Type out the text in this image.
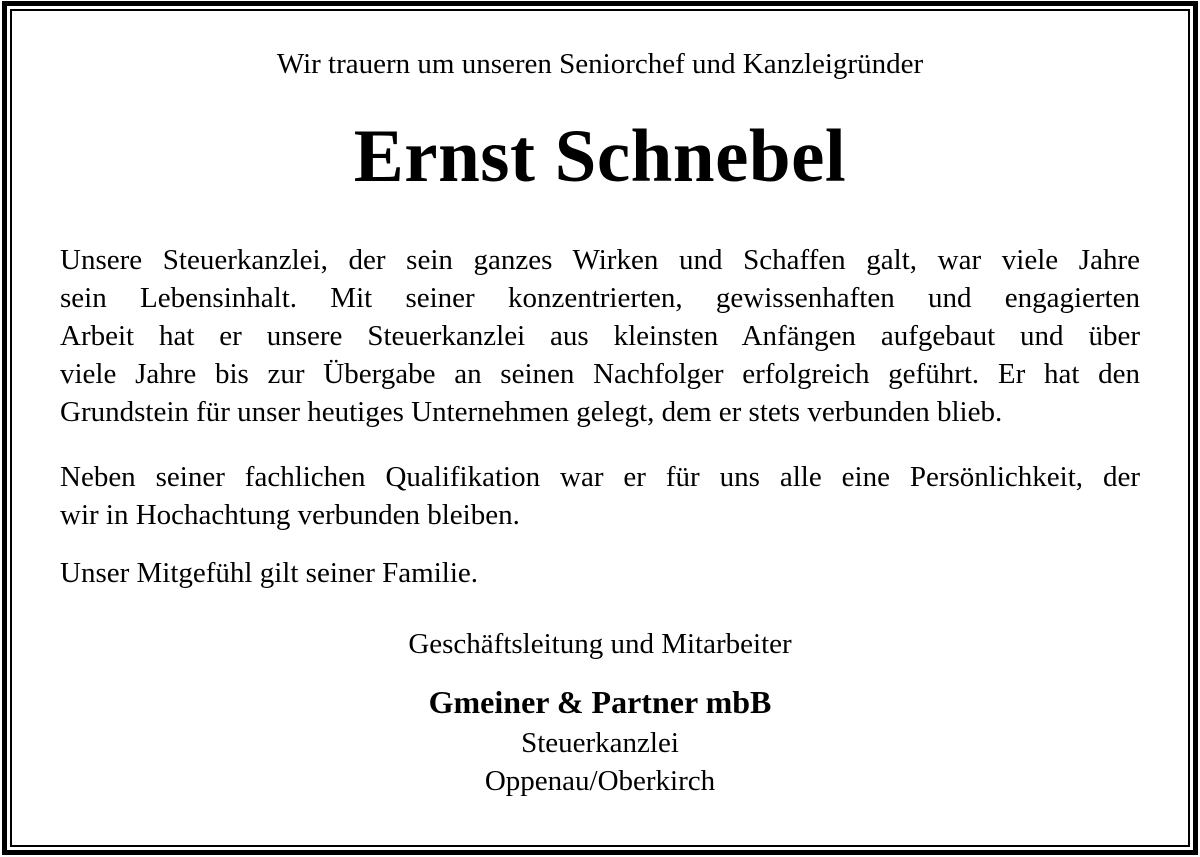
Wir trauern um unseren Seniorchef und Kanzleigründer
Ernst Schnebel
Unsere Steuerkanzlei, der sein ganzes Wirken und Schaffen galt, war viele Jahre
sein Lebensinhalt. Mit seiner konzentrierten, gewissenhaften und engagierten
Arbeit hat er unsere Steuerkanzlei aus kleinsten Anfängen aufgebaut und über
viele Jahre bis zur Übergabe an seinen Nachfolger erfolgreich geführt. Er hat den
Grundstein für unser heutiges Unternehmen gelegt, dem er stets verbunden blieb.
Neben seiner fachlichen Qualifikation war er für uns alle eine Persönlichkeit, der
wir in Hochachtung verbunden bleiben.
Unser Mitgefühl gilt seiner Familie.
Geschäftsleitung und Mitarbeiter
Gmeiner & Partner mbB
Steuerkanzlei
Oppenau/Oberkirch
